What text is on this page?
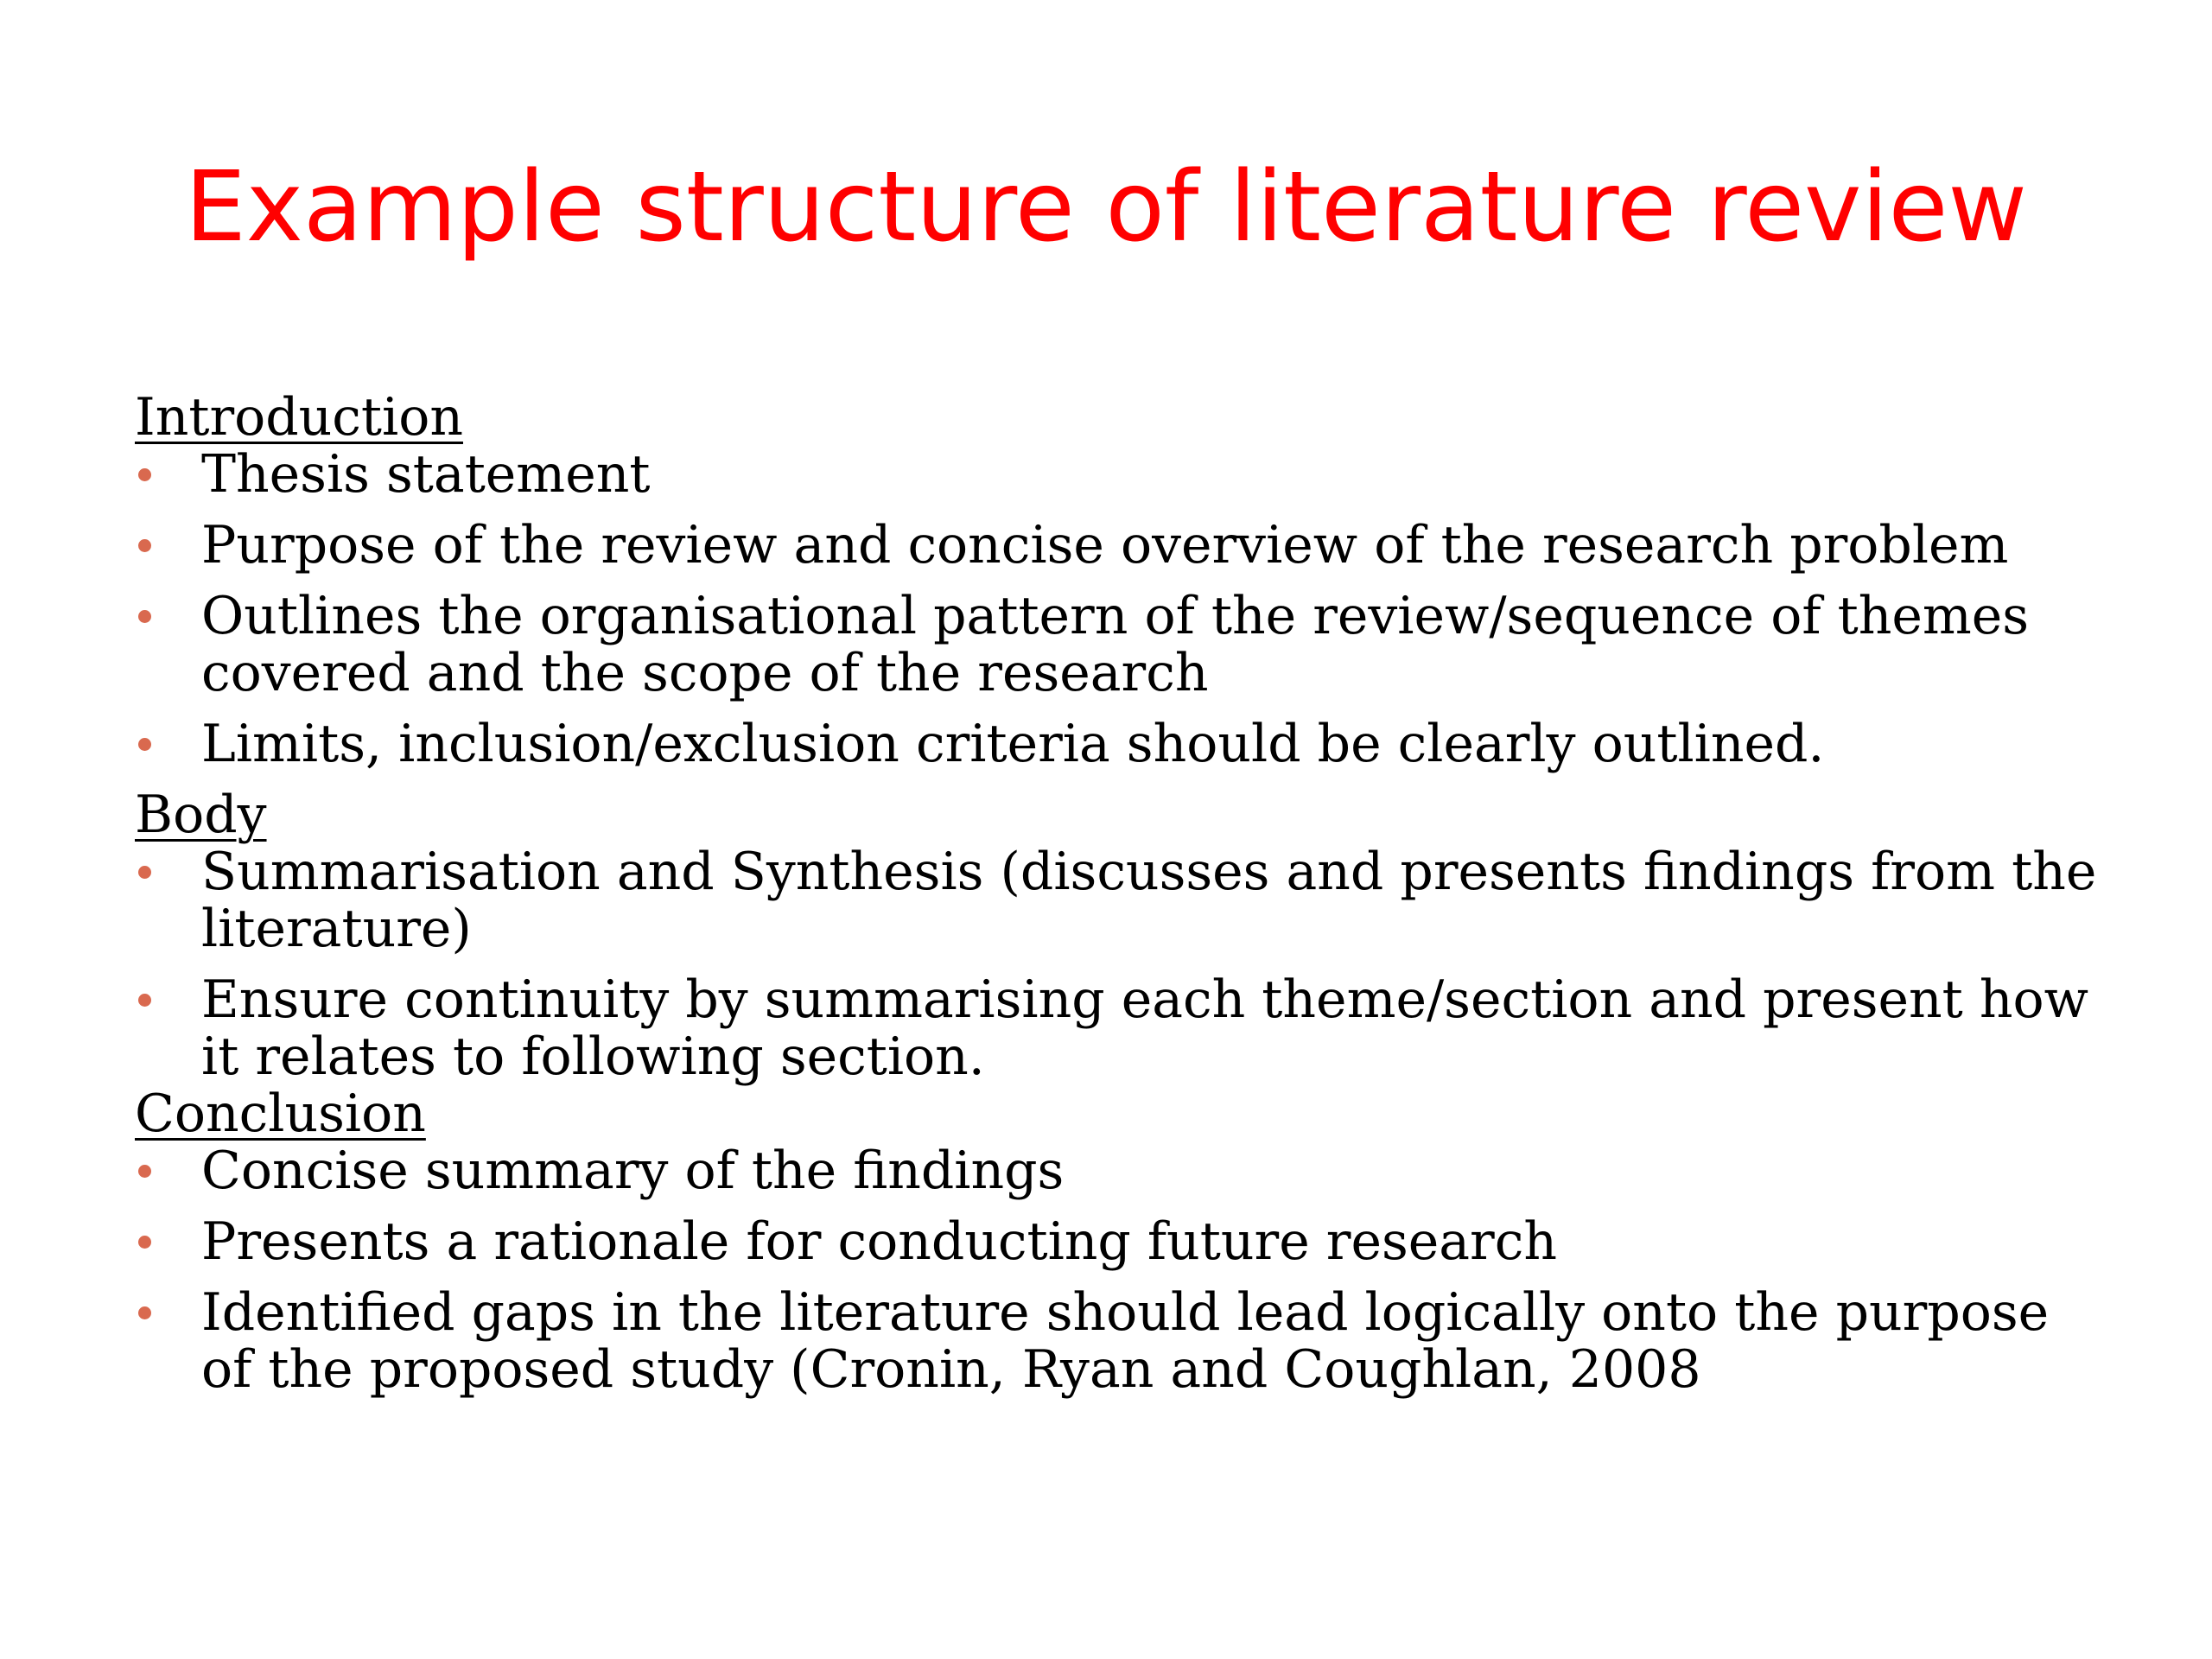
Example structure of literature review
Introduction
Thesis statement
Purpose of the review and concise overview of the research problem
Outlines the organisational pattern of the review/sequence of themes covered and the scope of the research
Limits, inclusion/exclusion criteria should be clearly outlined.
Body
Summarisation and Synthesis (discusses and presents findings from the literature)
Ensure continuity by summarising each theme/section and present how it relates to following section.
Conclusion
Concise summary of the findings
Presents a rationale for conducting future research
Identified gaps in the literature should lead logically onto the purpose of the proposed study (Cronin, Ryan and Coughlan, 2008
